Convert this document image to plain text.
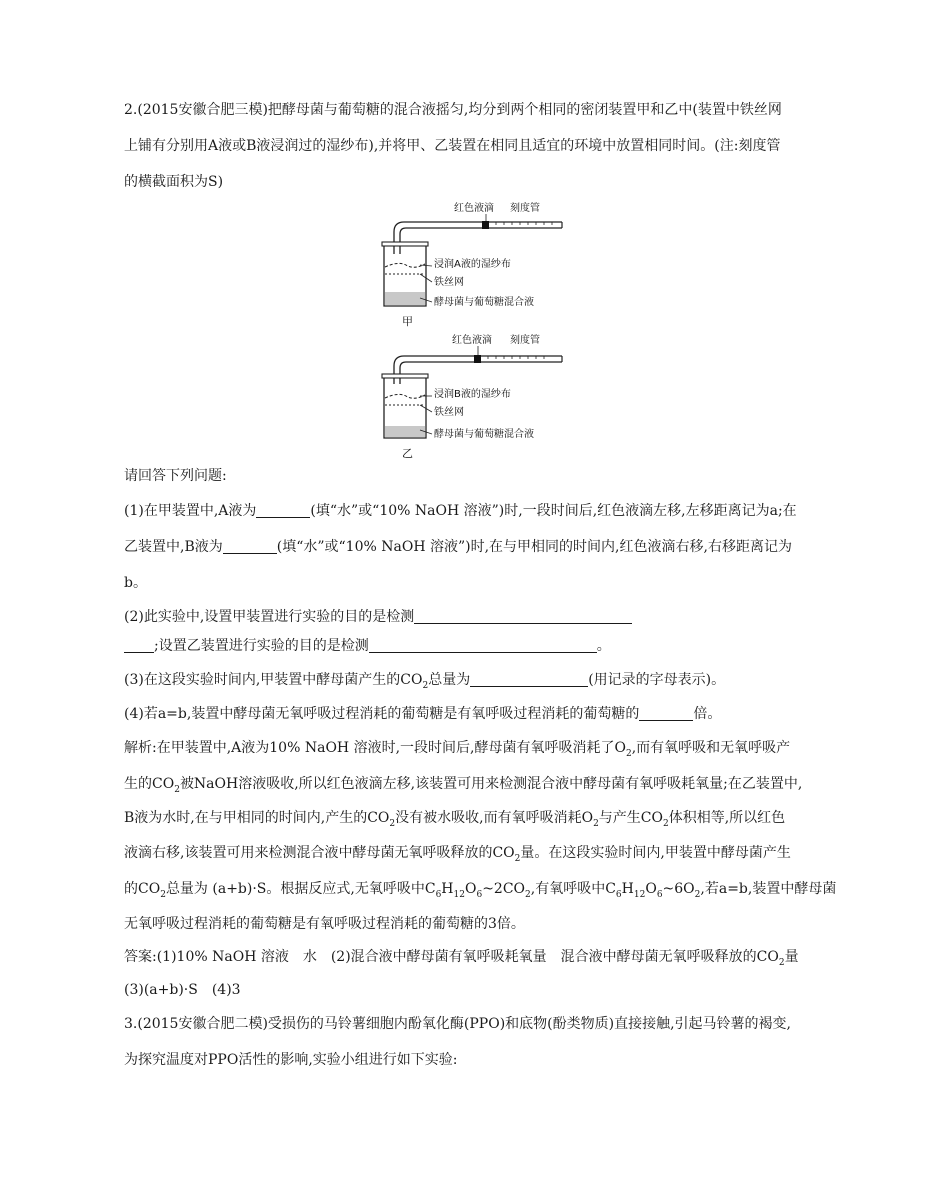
2.(2015安徽合肥三模)把酵母菌与葡萄糖的混合液摇匀,均分到两个相同的密闭装置甲和乙中(装置中铁丝网
上铺有分别用A液或B液浸润过的湿纱布),并将甲、乙装置在相同且适宜的环境中放置相同时间。(注:刻度管
的横截面积为S)
红色液滴 刻度管
浸润A液的湿纱布
铁丝网
酵母菌与葡萄糖混合液
甲
红色液滴 刻度管
浸润B液的湿纱布
铁丝网
酵母菌与葡萄糖混合液
乙
请回答下列问题:
(1)在甲装置中,A液为	(填“水”或“10% NaOH 溶液”)时,一段时间后,红色液滴左移,左移距离记为a;在
乙装置中,B液为	(填“水”或“10% NaOH 溶液”)时,在与甲相同的时间内,红色液滴右移,右移距离记为
b。
(2)此实验中,设置甲装置进行实验的目的是检测
;设置乙装置进行实验的目的是检测	。
(3)在这段实验时间内,甲装置中酵母菌产生的$CO_2$总量为	(用记录的字母表示)。
(4)若a=b,装置中酵母菌无氧呼吸过程消耗的葡萄糖是有氧呼吸过程消耗的葡萄糖的	倍。
解析:在甲装置中,A液为10% NaOH 溶液时,一段时间后,酵母菌有氧呼吸消耗了$O_2$,而有氧呼吸和无氧呼吸产
生的$CO_2$被NaOH溶液吸收,所以红色液滴左移,该装置可用来检测混合液中酵母菌有氧呼吸耗氧量;在乙装置中,
B液为水时,在与甲相同的时间内,产生的$CO_2$没有被水吸收,而有氧呼吸消耗$O_2$与产生$CO_2$体积相等,所以红色
液滴右移,该装置可用来检测混合液中酵母菌无氧呼吸释放的$CO_2$量。在这段实验时间内,甲装置中酵母菌产生
的$CO_2$总量为 (a+b)·S。根据反应式,无氧呼吸中$C_6H_{12}O_6\sim 2CO_2$,有氧呼吸中$C_6H_{12}O_6\sim 6O_2$,若a=b,装置中酵母菌
无氧呼吸过程消耗的葡萄糖是有氧呼吸过程消耗的葡萄糖的3倍。
答案:(1)10% NaOH 溶液　水　(2)混合液中酵母菌有氧呼吸耗氧量　混合液中酵母菌无氧呼吸释放的$CO_2$量
(3)(a+b)·S　(4)3
3.(2015安徽合肥二模)受损伤的马铃薯细胞内酚氧化酶(PPO)和底物(酚类物质)直接接触,引起马铃薯的褐变,
为探究温度对PPO活性的影响,实验小组进行如下实验:
